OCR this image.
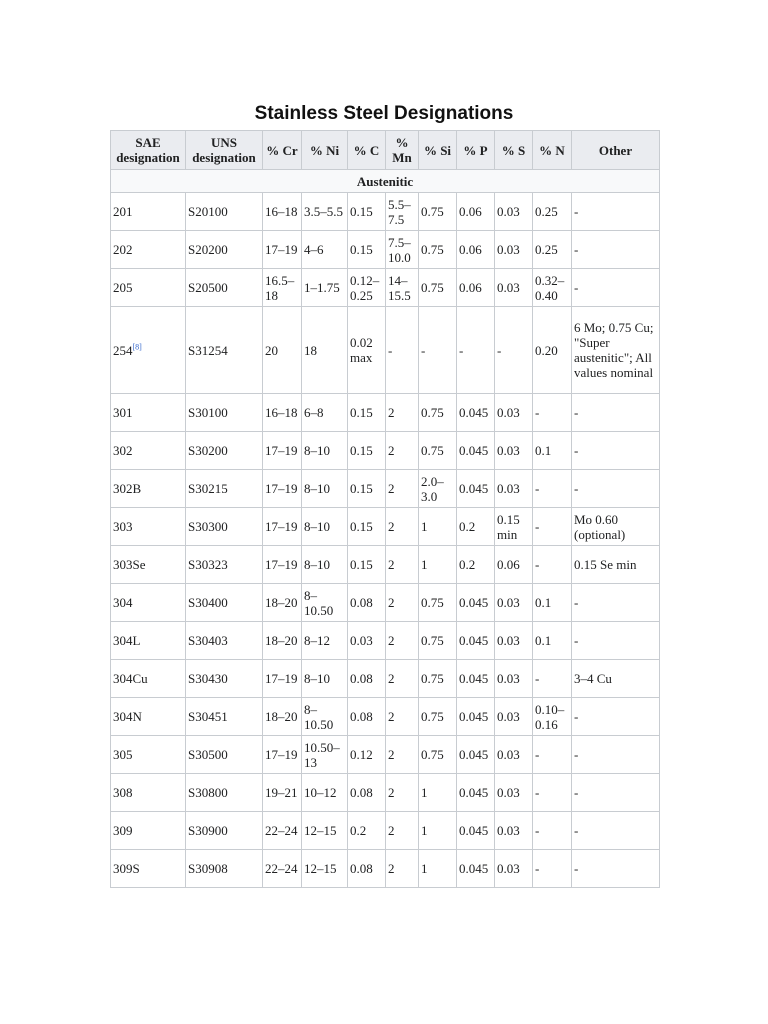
Stainless Steel Designations
SAE designation	UNS designation	% Cr	% Ni	% C	% Mn	% Si	% P	% S	% N	Other
Austenitic										
201	S20100	16–18	3.5–5.5	0.15	5.5–7.5	0.75	0.06	0.03	0.25	-
202	S20200	17–19	4–6	0.15	7.5–10.0	0.75	0.06	0.03	0.25	-
205	S20500	16.5–18	1–1.75	0.12–0.25	14–15.5	0.75	0.06	0.03	0.32–0.40	-
254[8]	S31254	20	18	0.02 max	-	-	-	-	0.20	6 Mo; 0.75 Cu; "Super austenitic"; All values nominal
301	S30100	16–18	6–8	0.15	2	0.75	0.045	0.03	-	-
302	S30200	17–19	8–10	0.15	2	0.75	0.045	0.03	0.1	-
302B	S30215	17–19	8–10	0.15	2	2.0–3.0	0.045	0.03	-	-
303	S30300	17–19	8–10	0.15	2	1	0.2	0.15 min	-	Mo 0.60 (optional)
303Se	S30323	17–19	8–10	0.15	2	1	0.2	0.06	-	0.15 Se min
304	S30400	18–20	8–10.50	0.08	2	0.75	0.045	0.03	0.1	-
304L	S30403	18–20	8–12	0.03	2	0.75	0.045	0.03	0.1	-
304Cu	S30430	17–19	8–10	0.08	2	0.75	0.045	0.03	-	3–4 Cu
304N	S30451	18–20	8–10.50	0.08	2	0.75	0.045	0.03	0.10–0.16	-
305	S30500	17–19	10.50–13	0.12	2	0.75	0.045	0.03	-	-
308	S30800	19–21	10–12	0.08	2	1	0.045	0.03	-	-
309	S30900	22–24	12–15	0.2	2	1	0.045	0.03	-	-
309S	S30908	22–24	12–15	0.08	2	1	0.045	0.03	-	-
